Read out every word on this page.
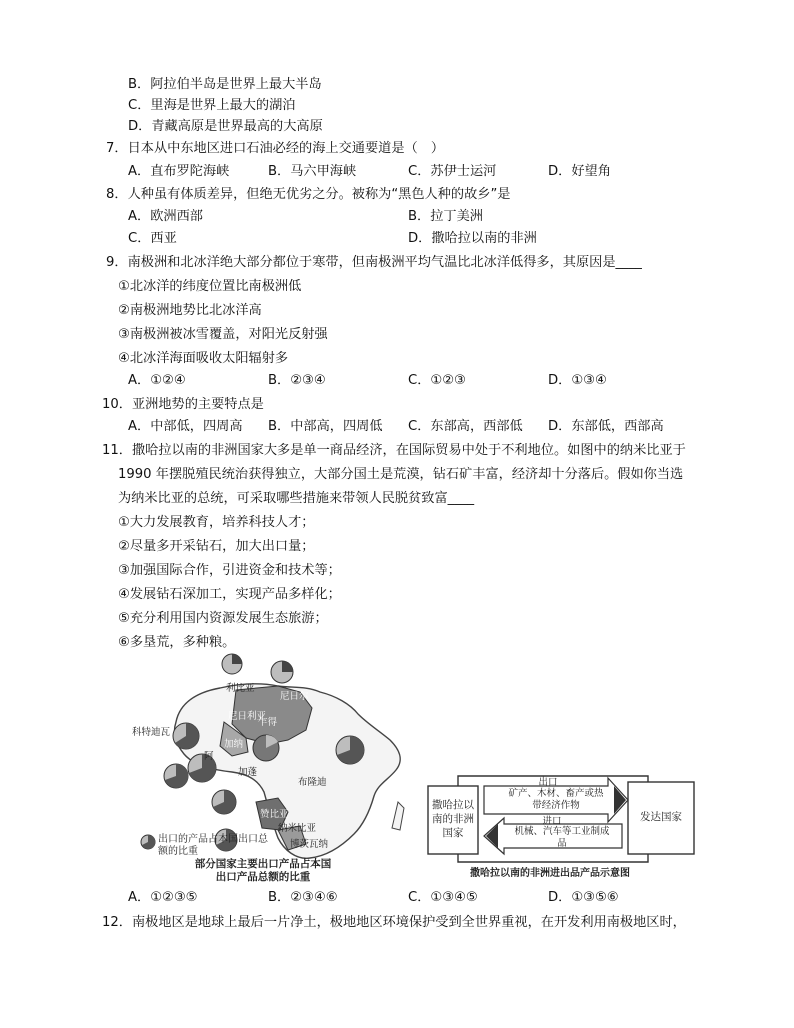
B．阿拉伯半岛是世界上最大半岛
C．里海是世界上最大的湖泊
D．青藏高原是世界最高的大高原
7．日本从中东地区进口石油必经的海上交通要道是（　）
A．直布罗陀海峡	B．马六甲海峡	C．苏伊士运河	D．好望角
8．人种虽有体质差异，但绝无优劣之分。被称为“黑色人种的故乡”是
A．欧洲西部	B．拉丁美洲
C．西亚	D．撒哈拉以南的非洲
9．南极洲和北冰洋绝大部分都位于寒带，但南极洲平均气温比北冰洋低得多，其原因是____
①北冰洋的纬度位置比南极洲低
②南极洲地势比北冰洋高
③南极洲被冰雪覆盖，对阳光反射强
④北冰洋海面吸收太阳辐射多
A．①②④	B．②③④	C．①②③	D．①③④
10．亚洲地势的主要特点是
A．中部低，四周高 B．中部高，四周低 C．东部高，西部低 D．东部低，西部高
11．撒哈拉以南的非洲国家大多是单一商品经济，在国际贸易中处于不利地位。如图中的纳米比亚于
1990 年摆脱殖民统治获得独立，大部分国土是荒漠，钻石矿丰富，经济却十分落后。假如你当选
为纳米比亚的总统，可采取哪些措施来带领人民脱贫致富____
①大力发展教育，培养科技人才；
②尽量多开采钻石，加大出口量；
③加强国际合作，引进资金和技术等；
④发展钻石深加工，实现产品多样化；
⑤充分利用国内资源发展生态旅游；
⑥多垦荒，多种粮。
利比亚
尼日尔
科特迪瓦
尼日利亚
乍得
加纳
加蓬
赞比亚
布隆迪
纳米比亚
博茨瓦纳
阿
出口的产品占本国出口总额的比重
部分国家主要出口产品占本国
出口产品总额的比重
撒哈拉以南的非洲国家
发达国家
出口
矿产、木材、畜产或热带经济作物
进口
机械、汽车等工业制成品
撒哈拉以南的非洲进出品产品示意图
A．①②③⑤	B．②③④⑥	C．①③④⑤	D．①③⑤⑥
12．南极地区是地球上最后一片净土，极地地区环境保护受到全世界重视，在开发利用南极地区时，
